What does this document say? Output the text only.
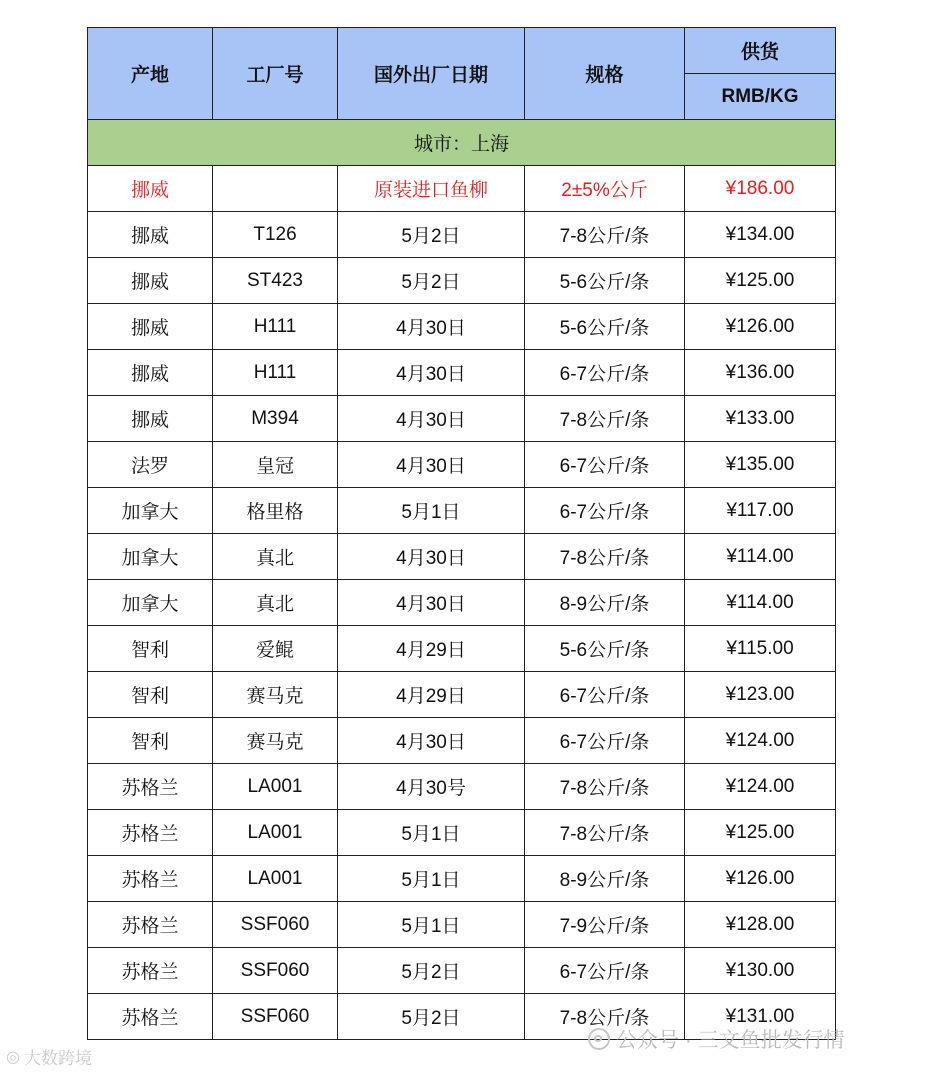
产地	工厂号	国外出厂日期	规格	供货
				RMB/KG
城市：上海				
挪威		原装进口鱼柳	2±5%公斤	¥186.00
挪威	T126	5月2日	7-8公斤/条	¥134.00
挪威	ST423	5月2日	5-6公斤/条	¥125.00
挪威	H111	4月30日	5-6公斤/条	¥126.00
挪威	H111	4月30日	6-7公斤/条	¥136.00
挪威	M394	4月30日	7-8公斤/条	¥133.00
法罗	皇冠	4月30日	6-7公斤/条	¥135.00
加拿大	格里格	5月1日	6-7公斤/条	¥117.00
加拿大	真北	4月30日	7-8公斤/条	¥114.00
加拿大	真北	4月30日	8-9公斤/条	¥114.00
智利	爱鲲	4月29日	5-6公斤/条	¥115.00
智利	赛马克	4月29日	6-7公斤/条	¥123.00
智利	赛马克	4月30日	6-7公斤/条	¥124.00
苏格兰	LA001	4月30号	7-8公斤/条	¥124.00
苏格兰	LA001	5月1日	7-8公斤/条	¥125.00
苏格兰	LA001	5月1日	8-9公斤/条	¥126.00
苏格兰	SSF060	5月1日	7-9公斤/条	¥128.00
苏格兰	SSF060	5月2日	6-7公斤/条	¥130.00
苏格兰	SSF060	5月2日	7-8公斤/条	¥131.00
公众号 · 三文鱼批发行情
◎ 大数跨境
